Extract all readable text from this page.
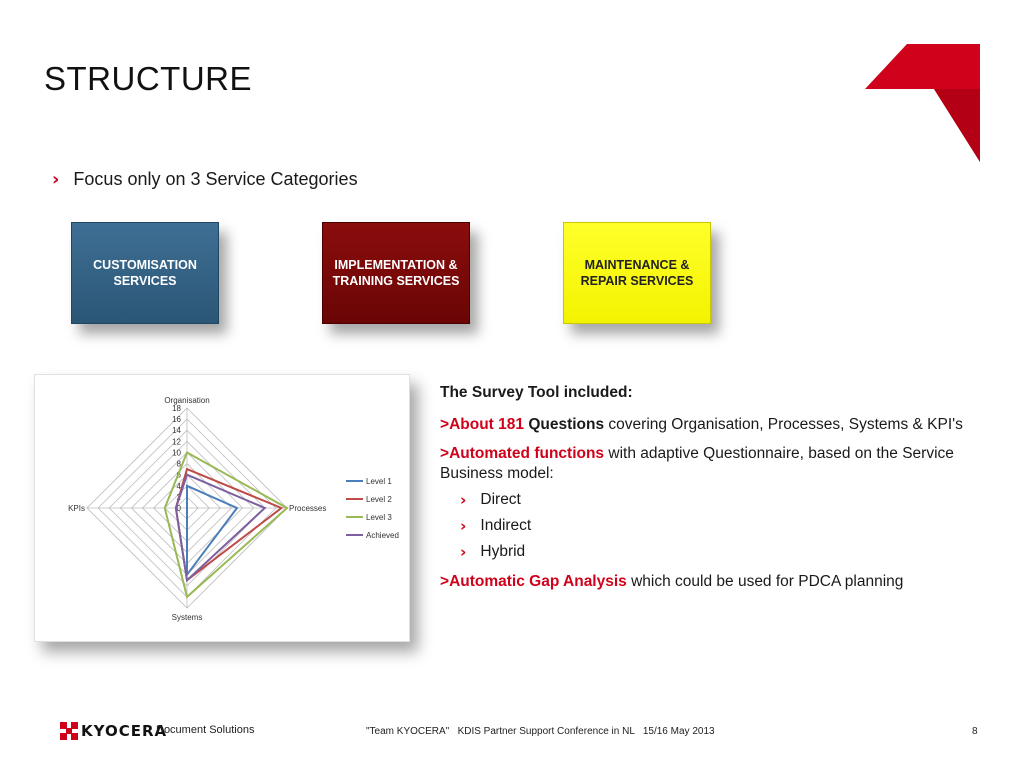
STRUCTURE
› Focus only on 3 Service Categories
CUSTOMISATION
SERVICES
IMPLEMENTATION &
TRAINING SERVICES
MAINTENANCE &
REPAIR SERVICES
0
2
4
6
8
10
12
14
16
18
Organisation
Processes
Systems
KPIs
Level 1
Level 2
Level 3
Achieved
The Survey Tool included:
>About 181 Questions covering Organisation, Processes, Systems & KPI's
>Automated functions with adaptive Questionnaire, based on the Service Business model:
› Direct
› Indirect
› Hybrid
>Automatic Gap Analysis which could be used for PDCA planning
KYOCERA
Document Solutions	"Team KYOCERA"   KDIS Partner Support Conference in NL   15/16 May 2013	8
